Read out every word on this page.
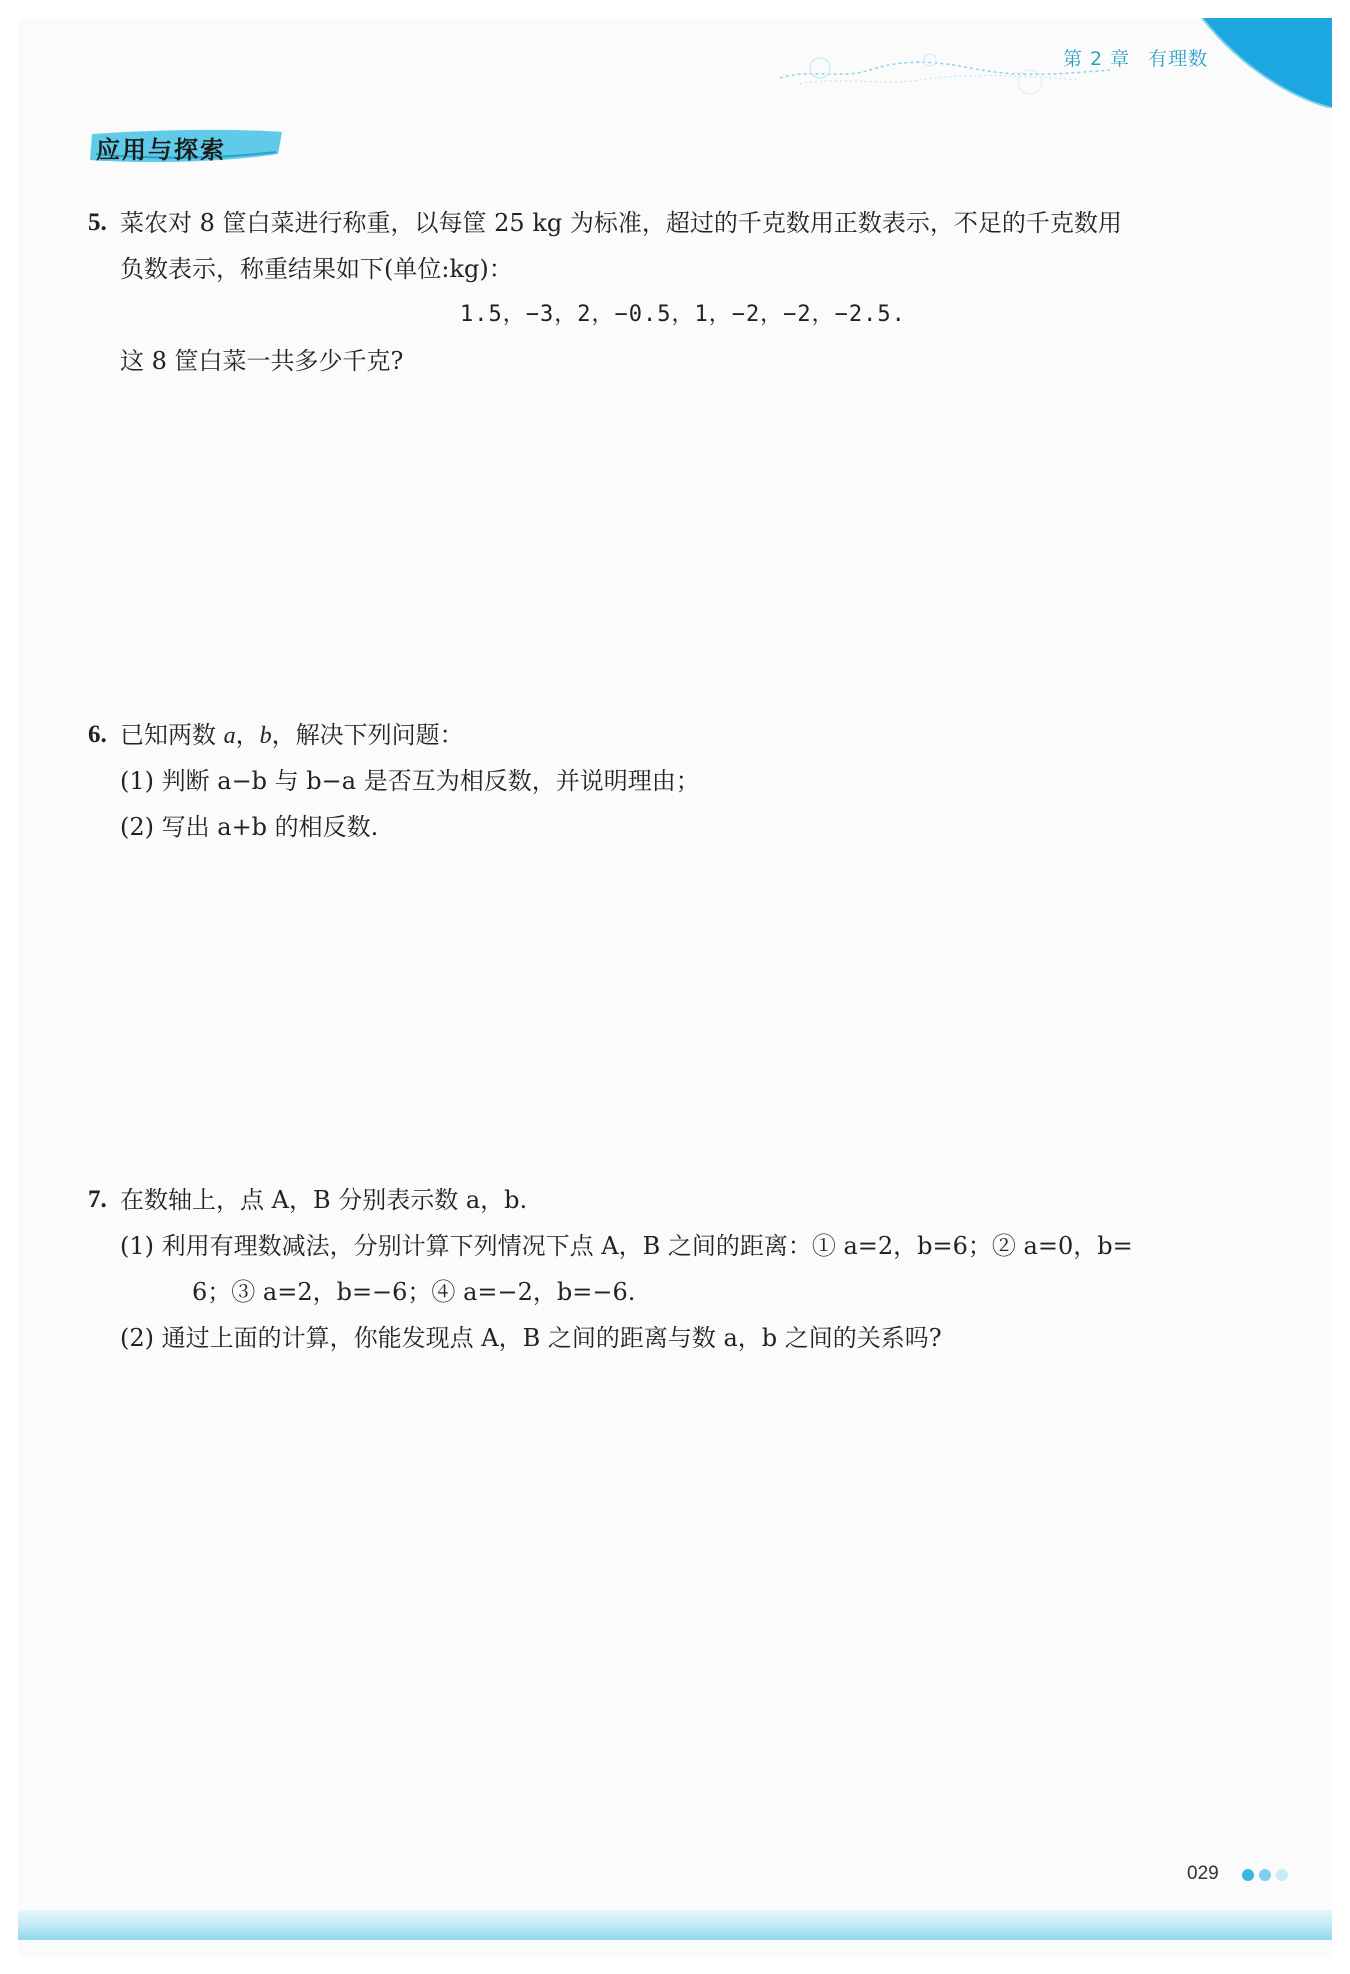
第 2 章 有理数
应用与探索
5. 菜农对 8 筐白菜进行称重，以每筐 25 kg 为标准，超过的千克数用正数表示，不足的千克数用
负数表示，称重结果如下(单位:kg)：
1.5，−3，2，−0.5，1，−2，−2，−2.5.
这 8 筐白菜一共多少千克?
6. 已知两数 a，b，解决下列问题：
(1) 判断 a−b 与 b−a 是否互为相反数，并说明理由；
(2) 写出 a+b 的相反数.
7. 在数轴上，点 A，B 分别表示数 a，b.
(1) 利用有理数减法，分别计算下列情况下点 A，B 之间的距离：① a=2，b=6；② a=0，b=
6；③ a=2，b=−6；④ a=−2，b=−6.
(2) 通过上面的计算，你能发现点 A，B 之间的距离与数 a，b 之间的关系吗?
029
